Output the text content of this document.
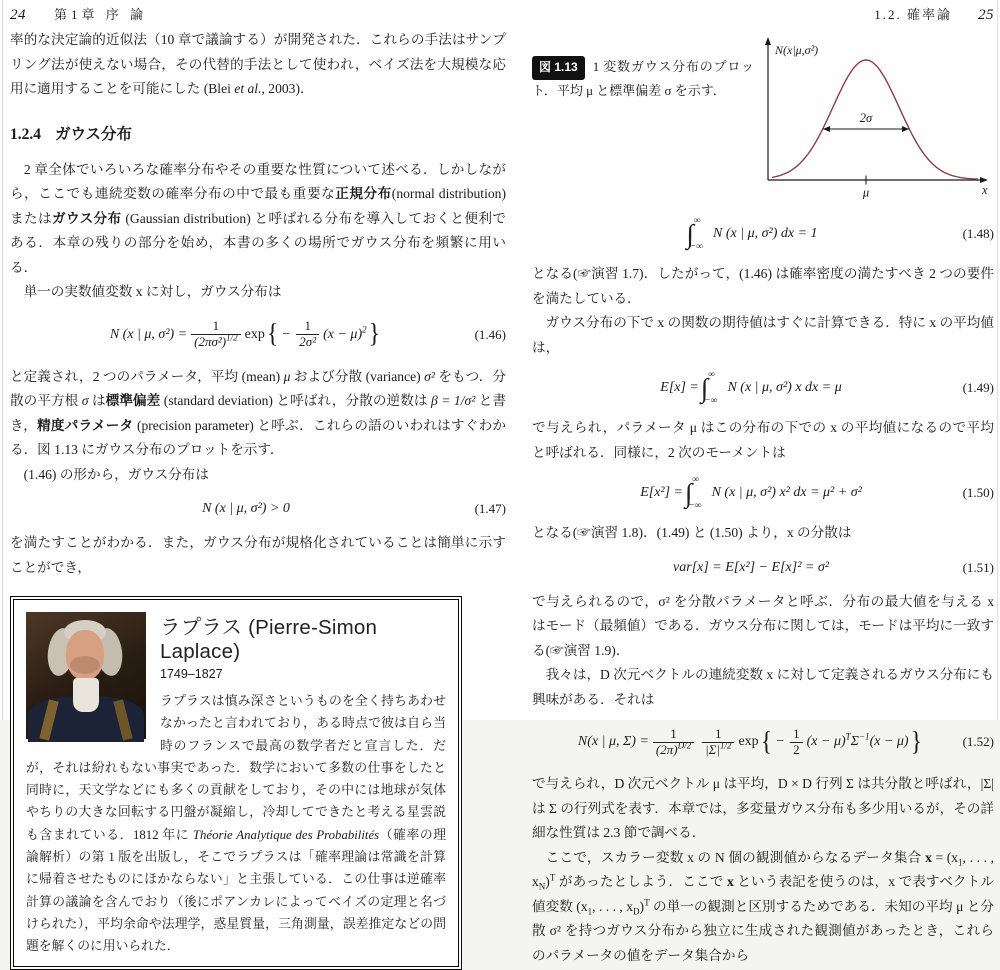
24 第1章 序 論

率的な決定論的近似法（10 章で議論する）が開発された．これらの手法はサンプリング法が使えない場合，その代替的手法として使われ，ベイズ法を大規模な応用に適用することを可能にした (Blei et al., 2003)．

1.2.4 ガウス分布

　2 章全体でいろいろな確率分布やその重要な性質について述べる．しかしながら，ここでも連続変数の確率分布の中で最も重要な正規分布(normal distribution) またはガウス分布 (Gaussian distribution) と呼ばれる分布を導入しておくと便利である．本章の残りの部分を始め，本書の多くの場所でガウス分布を頻繁に用いる．

　単一の実数値変数 x に対し，ガウス分布は

N (x | μ, $\sigma^2) = \frac{1}{(2\pi\sigma^2)^{1/2}}$ exp { − $\frac{1}{\text{2σ²}} (x - \mu)^2$ }	(1.46)

と定義され，2 つのパラメータ，平均 (mean) μ および分散 (variance) σ² をもつ．分散の平方根 σ は標準偏差 (standard deviation) と呼ばれ，分散の逆数は β = 1/σ² と書き，精度パラメータ (precision parameter) と呼ぶ．これらの語のいわれはすぐわかる．図 1.13 にガウス分布のプロットを示す．

　(1.46) の形から，ガウス分布は

N (x | μ, σ²) > 0	(1.47)

を満たすことがわかる．また，ガウス分布が規格化されていることは簡単に示すことができ，

ラプラス (Pierre-Simon Laplace)
1749–1827
ラプラスは慎み深さというものを全く持ちあわせなかったと言われており，ある時点で彼は自ら当時のフランスで最高の数学者だと宣言した．だが，それは紛れもない事実であった．数学において多数の仕事をしたと同時に，天文学などにも多くの貢献をしており，その中には地球が気体やちりの大きな回転する円盤が凝縮し，冷却してできたと考える星雲説も含まれている．1812 年に Théorie Analytique des Probabilités（確率の理論解析）の第 1 版を出版し，そこでラプラスは「確率理論は常識を計算に帰着させたものにほかならない」と主張している．この仕事は逆確率計算の議論を含んでおり（後にポアンカレによってベイズの定理と名づけられた），平均余命や法理学，惑星質量，三角測量，誤差推定などの問題を解くのに用いられた．
1.2. 確率論 25
図 1.13 1 変数ガウス分布のプロット．平均 μ と標準偏差 σ を示す．
2σ
μ
N(x|μ,σ²)
x
∫ ∞
−∞
N (x | μ, σ²) dx = 1	(1.48)

となる(☞演習 1.7)．したがって，(1.46) は確率密度の満たすべき 2 つの要件を満たしている．

　ガウス分布の下で x の関数の期待値はすぐに計算できる．特に x の平均値は，

E[x] = ∫ ∞
−∞
N (x | μ, σ²) x dx = μ	(1.49)

で与えられ，パラメータ μ はこの分布の下での x の平均値になるので平均と呼ばれる．同様に，2 次のモーメントは

E[x²] = ∫ ∞
−∞
N (x | μ, σ²) x² dx = μ² + σ²	(1.50)

となる(☞演習 1.8)．(1.49) と (1.50) より，x の分散は

var[x] = E[x²] − E[x]² = σ²	(1.51)

で与えられるので，σ² を分散パラメータと呼ぶ．分布の最大値を与える x はモード（最頻値）である．ガウス分布に関しては，モードは平均に一致する(☞演習 1.9)．

　我々は，D 次元ベクトルの連続変数 x に対して定義されるガウス分布にも興味がある．それは

N(x | μ, $\Sigma) = \frac{1}{(2\pi)^{D/2}} \frac{1}{|\Sigma|^{1/2}}$ exp { − $\frac{1}{2} (x - \mu)^T\Sigma^{-1}(x - \mu)$ }	(1.52)

で与えられ，D 次元ベクトル μ は平均，D × D 行列 Σ は共分散と呼ばれ，|Σ| は Σ の行列式を表す．本章では，多変量ガウス分布も多少用いるが，その詳細な性質は 2.3 節で調べる．

　ここで，スカラー変数 x の N 個の観測値からなるデータ集合 $x = (x_1$, . . . , $x_N)^T$ があったとしよう．ここで x という表記を使うのは，x で表すベクトル値変数 ($x_1$, . . . , $x_D)^T$ の単一の観測と区別するためである．未知の平均 μ と分散 σ² を持つガウス分布から独立に生成された観測値があったとき，これらのパラメータの値をデータ集合から
